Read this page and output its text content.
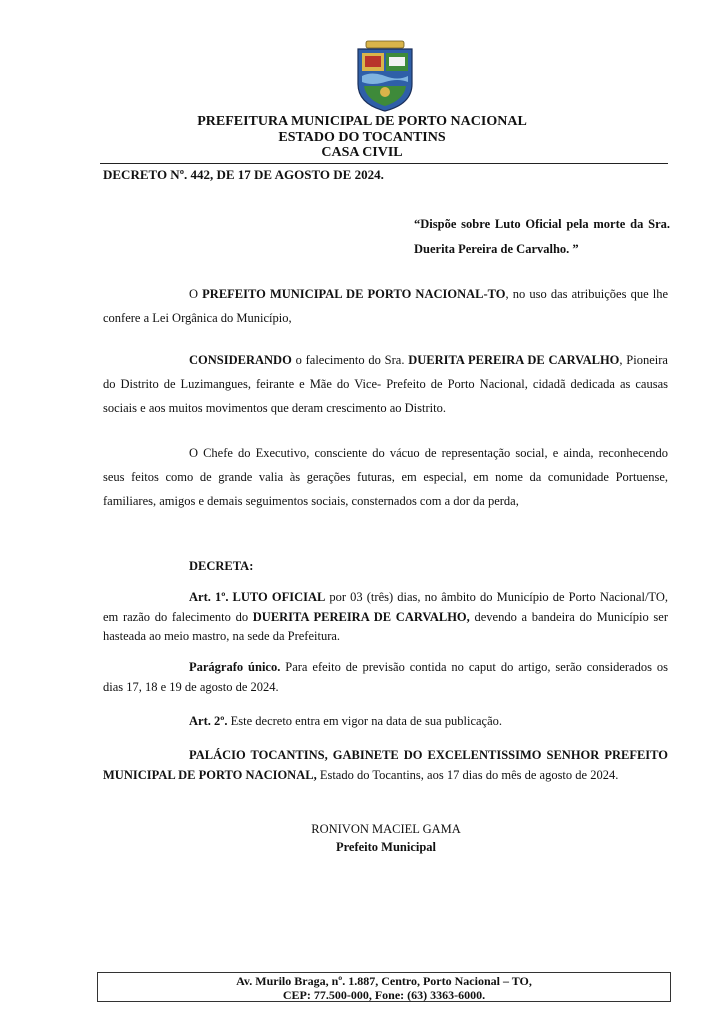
PREFEITURA MUNICIPAL DE PORTO NACIONAL
ESTADO DO TOCANTINS
CASA CIVIL
DECRETO Nº. 442, DE 17 DE AGOSTO DE 2024.
“Dispõe sobre Luto Oficial pela morte da Sra. Duerita Pereira de Carvalho. ”
O PREFEITO MUNICIPAL DE PORTO NACIONAL-TO, no uso das atribuições que lhe confere a Lei Orgânica do Município,
CONSIDERANDO o falecimento do Sra. DUERITA PEREIRA DE CARVALHO, Pioneira do Distrito de Luzimangues, feirante e Mãe do Vice- Prefeito de Porto Nacional, cidadã dedicada as causas sociais e aos muitos movimentos que deram crescimento ao Distrito.
O Chefe do Executivo, consciente do vácuo de representação social, e ainda, reconhecendo seus feitos como de grande valia às gerações futuras, em especial, em nome da comunidade Portuense, familiares, amigos e demais seguimentos sociais, consternados com a dor da perda,
DECRETA:
Art. 1º. LUTO OFICIAL por 03 (três) dias, no âmbito do Município de Porto Nacional/TO, em razão do falecimento do DUERITA PEREIRA DE CARVALHO, devendo a bandeira do Município ser hasteada ao meio mastro, na sede da Prefeitura.
Parágrafo único. Para efeito de previsão contida no caput do artigo, serão considerados os dias 17, 18 e 19 de agosto de 2024.
Art. 2º. Este decreto entra em vigor na data de sua publicação.
PALÁCIO TOCANTINS, GABINETE DO EXCELENTISSIMO SENHOR PREFEITO MUNICIPAL DE PORTO NACIONAL, Estado do Tocantins, aos 17 dias do mês de agosto de 2024.
RONIVON MACIEL GAMA
Prefeito Municipal
Av. Murilo Braga, nº. 1.887, Centro, Porto Nacional – TO,
CEP: 77.500-000, Fone: (63) 3363-6000.
